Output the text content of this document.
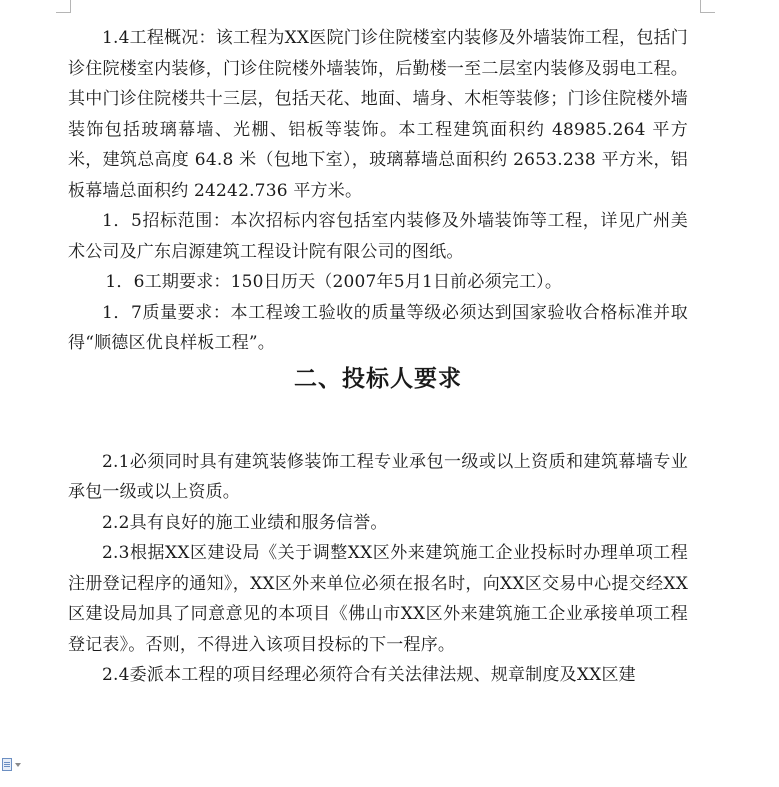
1.4工程概况：该工程为XX医院门诊住院楼室内装修及外墙装饰工程，包括门诊住院楼室内装修，门诊住院楼外墙装饰，后勤楼一至二层室内装修及弱电工程。其中门诊住院楼共十三层，包括天花、地面、墙身、木柜等装修；门诊住院楼外墙装饰包括玻璃幕墙、光棚、铝板等装饰。本工程建筑面积约 48985.264 平方米，建筑总高度 64.8 米（包地下室），玻璃幕墙总面积约 2653.238 平方米，铝板幕墙总面积约 24242.736 平方米。

1．5招标范围：本次招标内容包括室内装修及外墙装饰等工程，详见广州美术公司及广东启源建筑工程设计院有限公司的图纸。

1．6工期要求：150日历天（2007年5月1日前必须完工）。

1．7质量要求：本工程竣工验收的质量等级必须达到国家验收合格标准并取得“顺德区优良样板工程”。

二、投标人要求

2.1必须同时具有建筑装修装饰工程专业承包一级或以上资质和建筑幕墙专业承包一级或以上资质。

2.2具有良好的施工业绩和服务信誉。

2.3根据XX区建设局《关于调整XX区外来建筑施工企业投标时办理单项工程注册登记程序的通知》，XX区外来单位必须在报名时，向XX区交易中心提交经XX区建设局加具了同意意见的本项目《佛山市XX区外来建筑施工企业承接单项工程登记表》。否则，不得进入该项目投标的下一程序。

2.4委派本工程的项目经理必须符合有关法律法规、规章制度及XX区建
